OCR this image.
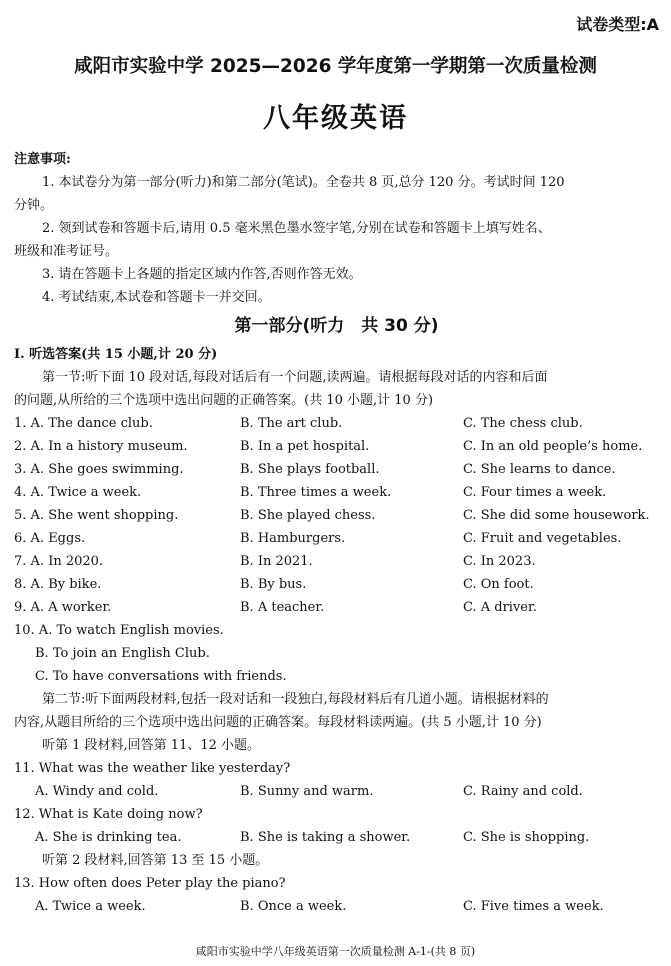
试卷类型:A
咸阳市实验中学 2025—2026 学年度第一学期第一次质量检测
八年级英语
注意事项:
1. 本试卷分为第一部分(听力)和第二部分(笔试)。全卷共 8 页,总分 120 分。考试时间 120
分钟。
2. 领到试卷和答题卡后,请用 0.5 毫米黑色墨水签字笔,分别在试卷和答题卡上填写姓名、
班级和准考证号。
3. 请在答题卡上各题的指定区域内作答,否则作答无效。
4. 考试结束,本试卷和答题卡一并交回。
第一部分(听力　共 30 分)
Ⅰ. 听选答案(共 15 小题,计 20 分)
第一节:听下面 10 段对话,每段对话后有一个问题,读两遍。请根据每段对话的内容和后面
的问题,从所给的三个选项中选出问题的正确答案。(共 10 小题,计 10 分)
1. A. The dance club.	B. The art club.	C. The chess club.
2. A. In a history museum.	B. In a pet hospital.	C. In an old people’s home.
3. A. She goes swimming.	B. She plays football.	C. She learns to dance.
4. A. Twice a week.	B. Three times a week.	C. Four times a week.
5. A. She went shopping.	B. She played chess.	C. She did some housework.
6. A. Eggs.	B. Hamburgers.	C. Fruit and vegetables.
7. A. In 2020.	B. In 2021.	C. In 2023.
8. A. By bike.	B. By bus.	C. On foot.
9. A. A worker.	B. A teacher.	C. A driver.
10. A. To watch English movies.
B. To join an English Club.
C. To have conversations with friends.
第二节:听下面两段材料,包括一段对话和一段独白,每段材料后有几道小题。请根据材料的
内容,从题目所给的三个选项中选出问题的正确答案。每段材料读两遍。(共 5 小题,计 10 分)
听第 1 段材料,回答第 11、12 小题。
11. What was the weather like yesterday?
A. Windy and cold.	B. Sunny and warm.	C. Rainy and cold.
12. What is Kate doing now?
A. She is drinking tea.	B. She is taking a shower.	C. She is shopping.
听第 2 段材料,回答第 13 至 15 小题。
13. How often does Peter play the piano?
A. Twice a week.	B. Once a week.	C. Five times a week.
咸阳市实验中学八年级英语第一次质量检测 A-1-(共 8 页)
